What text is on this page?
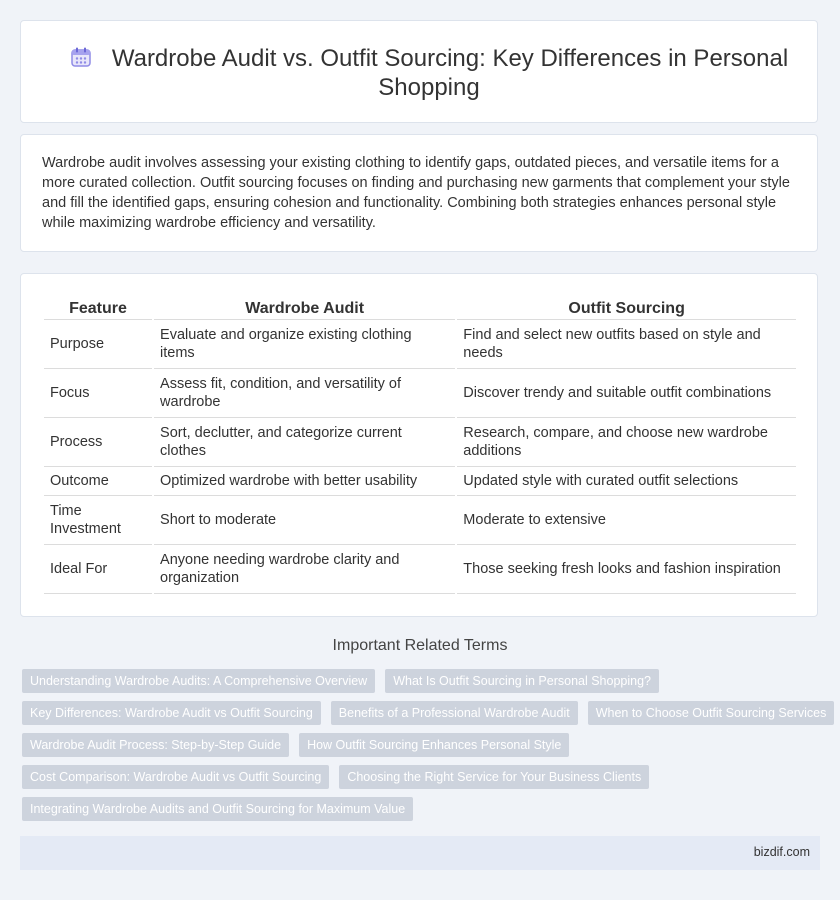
Wardrobe Audit vs. Outfit Sourcing: Key Differences in Personal Shopping

Wardrobe audit involves assessing your existing clothing to identify gaps, outdated pieces, and versatile items for a more curated collection. Outfit sourcing focuses on finding and purchasing new garments that complement your style and fill the identified gaps, ensuring cohesion and functionality. Combining both strategies enhances personal style while maximizing wardrobe efficiency and versatility.

Feature	Wardrobe Audit	Outfit Sourcing
Purpose	Evaluate and organize existing clothing items	Find and select new outfits based on style and needs
Focus	Assess fit, condition, and versatility of wardrobe	Discover trendy and suitable outfit combinations
Process	Sort, declutter, and categorize current clothes	Research, compare, and choose new wardrobe additions
Outcome	Optimized wardrobe with better usability	Updated style with curated outfit selections
Time Investment	Short to moderate	Moderate to extensive
Ideal For	Anyone needing wardrobe clarity and organization	Those seeking fresh looks and fashion inspiration
Important Related Terms
Understanding Wardrobe Audits: A Comprehensive Overview	What Is Outfit Sourcing in Personal Shopping?
Key Differences: Wardrobe Audit vs Outfit Sourcing	Benefits of a Professional Wardrobe Audit	When to Choose Outfit Sourcing Services
Wardrobe Audit Process: Step-by-Step Guide	How Outfit Sourcing Enhances Personal Style
Cost Comparison: Wardrobe Audit vs Outfit Sourcing	Choosing the Right Service for Your Business Clients
Integrating Wardrobe Audits and Outfit Sourcing for Maximum Value
bizdif.com
